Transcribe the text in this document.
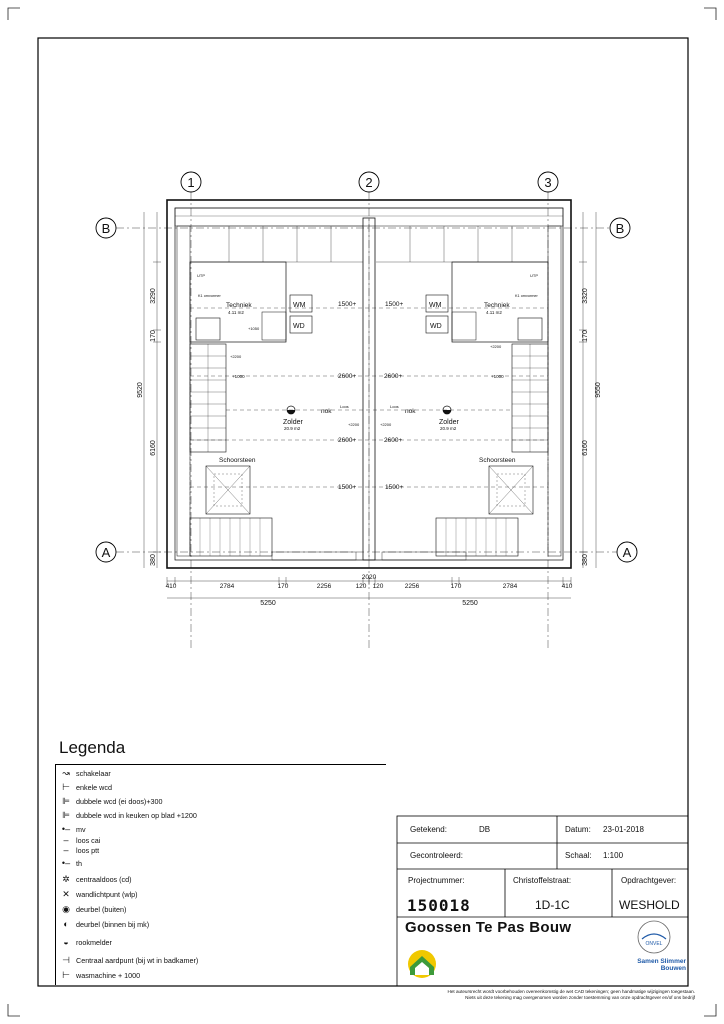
1	2	3
B	B
A	A
Techniek
4.11 m2
Techniek
4.11 m2
WM
WD
WM
WD
Zolder
20.9 m2
Zolder
20.9 m2
Schoorsteen	Schoorsteen
nok	nok
1500+	1500+
2600+	2600+
2600+	2600+
1500+	1500+
+1000	+1000
+1050
+2200
+2200
+2200	+2200
Loos	Loos
UTP	UTP
K1 omvormer	K1 omvormer
3290
170
6160
380
9520
3320
170
6160
380
9550
410	2784	170	2256	120 120	2256	170	2784	410
2020
5250	5250
Legenda
↝ schakelaar
⊢ enkele wcd
⊫ dubbele wcd (ei doos)+300
⊫ dubbele wcd in keuken op blad +1200
•– mv
–	loos cai
–	loos ptt
•– th
✲ centraaldoos (cd)
✕ wandlichtpunt (wlp)
◉ deurbel (buiten)
◐	deurbel (binnen bij mk)
◒	rookmelder
⊣ Centraal aardpunt (bij wt in badkamer)
⊢ wasmachine + 1000
Getekend:	DB	Datum: 23-01-2018
Gecontroleerd:	Schaal: 1:100
Projectnummer:	Christoffelstraat:	Opdrachtgever:
150018	1D-1C	WESHOLD
Goossen Te Pas Bouw
ONVEL
Samen Slimmer Bouwen
Het auteursrecht wordt voorbehouden overeenkomstig de wet CAD tekeningen; geen handmatige wijzigingen toegestaan.
Niets uit deze tekening mag overgenomen worden zonder toestemming van onze opdrachtgever en/of ons bedrijf
